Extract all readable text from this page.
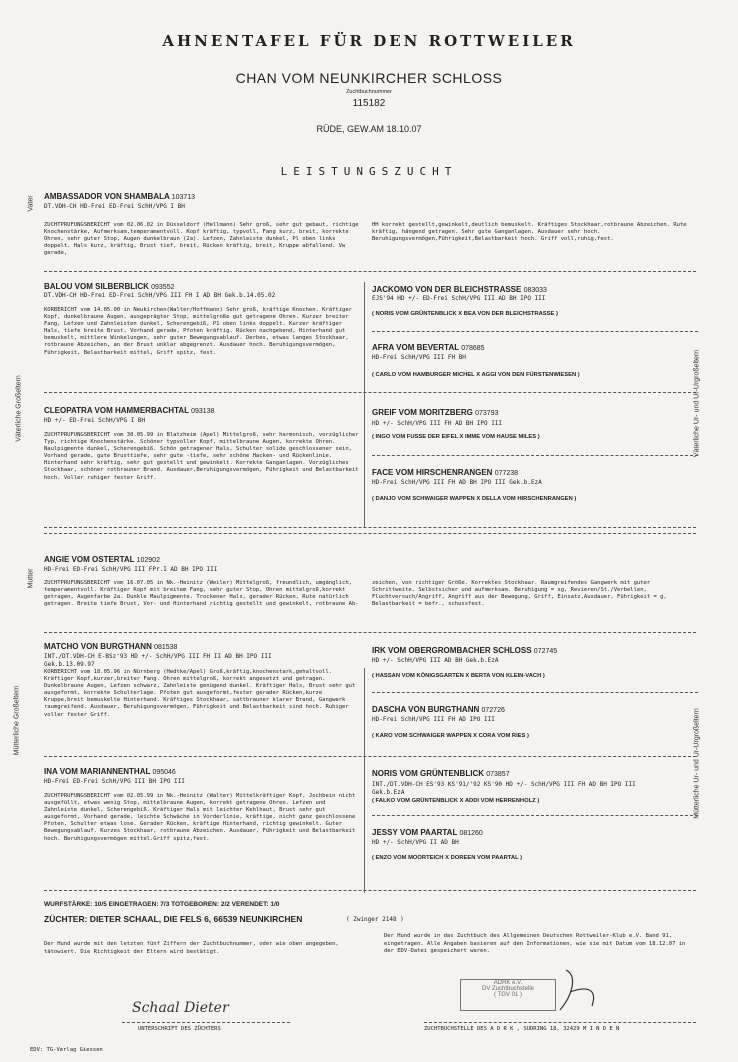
AHNENTAFEL FÜR DEN ROTTWEILER
CHAN VOM NEUNKIRCHER SCHLOSS
Zuchtbuchnummer
115182
RÜDE, GEW.AM 18.10.07
LEISTUNGSZUCHT
Vater
Väterliche Großeltern
Mutter
Mütterliche Großeltern
Väterliche Ur- und Ur-Urgroßeltern
Mütterliche Ur- und Ur-Urgroßeltern
AMBASSADOR VON SHAMBALA 103713
DT.VDH-CH HD-Frei ED-Frei SchH/VPG I BH
ZUCHTPRÜFUNGSBERICHT vom 02.06.02 in Düsseldorf (Hellmann) Sehr groß, sehr gut gebaut, richtige Knochenstärke, Aufmerksam,temperamentvoll. Kopf kräftig, typvoll, Fang kurz, breit, korrekte Ohren, sehr guter Stop, Augen dunkelbraun (2a). Lefzen, Zahnleiste dunkel, Pl oben links doppelt. Hals kurz, kräftig, Brust tief, breit, Rücken kräftig, breit, Kruppe abfallend. Vw gerade,
HH korrekt gestellt,gewinkelt,deutlich bemuskelt. Kräftiges Stockhaar,rotbraune Abzeichen. Rute kräftig, hängend getragen. Sehr gute Ganganlagen. Ausdauer sehr hoch. Beruhigungsvermögen,Führigkeit,Belastbarkeit hoch. Griff voll,ruhig,fest.
BALOU VOM SILBERBLICK 093552
DT.VDH-CH HD-Frei ED-Frei SchH/VPG III FH I AD BH Gek.b.14.05.02
KÖRBERICHT vom 14.05.00 in Neukirchen(Walter/Hoffmann) Sehr groß, kräftige Knochen. Kräftiger Kopf, dunkelbraune Augen, ausgeprägter Stop, mittelgroße gut getragene Ohren. Kurzer breiter Fang, Lefzen und Zahnleisten dunkel, Scherengebiß, P1 oben links doppelt. Kurzer kräftiger Hals, tiefe breite Brust, Vorhand gerade, Pfoten kräftig. Rücken nachgebend, Hinterhand gut bemuskelt, mittlere Winkelungen, sehr guter Bewegungsablauf. Derbes, etwas langes Stockhaar, rotbraune Abzeichen, an der Brust unklar abgegrenzt. Ausdauer hoch. Beruhigungsvermögen, Führigkeit, Belastbarkeit mittel, Griff spitz, fest.
JACKOMO VON DER BLEICHSTRASSE 083033
EJS'94 HD +/- ED-Frei SchH/VPG III AD BH IPO III
( NORIS VOM GRÜNTENBLICK X BEA VON DER BLEICHSTRASSE )
AFRA VOM BEVERTAL 078685
HD-Frei SchH/VPG III FH BH
( CARLO VOM HAMBURGER MICHEL X AGGI VON DEN FÜRSTENWIESEN )
CLEOPATRA VOM HAMMERBACHTAL 093138
HD +/- ED-Frei SchH/VPG I BH
ZUCHTPRÜFUNGSBERICHT vom 30.05.99 in Blatzheim (Apel) Mittelgroß, sehr harmonisch, vorzüglicher Typ, richtige Knochenstärke. Schöner typvoller Kopf, mittelbraune Augen, korrekte Ohren. Naulpigmente dunkel, Scherengebiß. Schön getragener Hals, Schulter solide geschlossener sein, Vorhand gerade, gute Brusttiefe, sehr gute -tiefe, sehr schöne Hacken- und Rückenlinie. Hinterhand sehr kräftig, sehr gut gestellt und gewinkelt. Korrekte Ganganlagen. Vorzügliches Stockhaar, schöner rotbrauner Brand. Ausdauer,Beruhigungsvermögen, Führigkeit und Belastbarkeit hoch. Voller ruhiger fester Griff.
GREIF VOM MORITZBERG 073793
HD +/- SchH/VPG III FH AD BH IPO III
( INGO VOM FUSSE DER EIFEL X IMME VOM HAUSE MILES )
FACE VOM HIRSCHENRANGEN 077238
HD-Frei SchH/VPG III FH AD BH IPO III Gek.b.EzA
( DANJO VOM SCHWAIGER WAPPEN X DELLA VOM HIRSCHENRANGEN )
ANGIE VOM OSTERTAL 102902
HD-Frei ED-Frei SchH/VPG III FPr.I AD BH IPO III
ZUCHTPRÜFUNGSBERICHT vom 16.07.05 in Nk.-Heinitz (Weiler) Mittelgroß, freundlich, umgänglich, temperamentvoll. Kräftiger Kopf mit breitem Fang, sehr guter Stop, Ohren mittelgroß,korrekt getragen, Augenfarbe 2a. Dunkle Maulpigmente. Trockener Hals, gerader Rücken, Rute natürlich getragen. Breite tiefe Brust, Vor- und Hinterhand richtig gestellt und gewinkelt, rotbraune Ab-
zeichen, von richtiger Größe. Korrektes Stockhaar. Raumgreifendes Gangwerk mit guter Schrittweite. Selbstsicher und aufmerksam. Beruhigung = sg, Revieren/St./Verbellen, Fluchtversuch/Angriff, Angriff aus der Bewegung, Griff, Einsatz,Ausdauer, Führigkeit = g, Belastbarkeit = befr., schussfest.
MATCHO VON BURGTHANN 081538
INT./DT.VDH-CH E-BSz'93 HD +/- SchH/VPG III FH II AD BH IPO III
Gek.b.13.09.97
KÖRBERICHT vom 18.05.96 in Nürnberg (Hedtke/Apel) Groß,kräftig,knochenstark,gehaltvoll. Kräftiger Kopf,kurzer,breiter Fang. Ohren mittelgroß, korrekt angesetzt und getragen. Dunkelbraune Augen, Lefzen schwarz, Zahnleiste genügend dunkel. Kräftiger Hals, Brust sehr gut ausgeformt, korrekte Schulterlage. Pfoten gut ausgeformt,fester gerader Rücken,kurze Kruppe,breit bemuskelte Hinterhand. Kräftiges Stockhaar, sattbrauner klarer Brand, Gangwerk raumgreifend. Ausdauer, Beruhigungsvermögen, Führigkeit und Belastbarkeit sind hoch. Ruhiger voller fester Griff.
IRK VOM OBERGROMBACHER SCHLOSS 072745
HD +/- SchH/VPG III AD BH Gek.b.EzA
( HASSAN VOM KÖNIGSGARTEN X BERTA VON KLEIN-VACH )
DASCHA VON BURGTHANN 072726
HD-Frei SchH/VPG III FH AD IPO III
( KARO VOM SCHWAIGER WAPPEN X CORA VOM RIES )
INA VOM MARIANNENTHAL 095046
HD-Frei ED-Frei SchH/VPG III BH IPO III
ZUCHTPRÜFUNGSBERICHT vom 02.05.99 in Nk.-Heinitz (Walter) Mittelkräftiger Kopf, Jochbein nicht ausgefüllt, etwas wenig Stop, mittelbraune Augen, korrekt getragene Ohren. Lefzen und Zahnleiste dunkel, Scherengebiß. Kräftiger Hals mit leichter Kehlhaut, Brust sehr gut ausgeformt, Vorhand gerade, leichte Schwäche in Vorderlinie, kräftige, nicht ganz geschlossene Pfoten, Schulter etwas lose. Gerader Rücken, kräftige Hinterhand, richtig gewinkelt. Guter Bewegungsablauf. Kurzes Stockhaar, rotbraune Abzeichen. Ausdauer, Führigkeit und Belastbarkeit hoch. Beruhigungsvermögen mittel.Griff spitz,fest.
NORIS VOM GRÜNTENBLICK 073857
INT./DT.VDH-CH ES'93 KS'91/'92 KS'90 HD +/- SchH/VPG III FH AD BH IPO III
Gek.b.EzA
( FALKO VOM GRÜNTENBLICK X ADDI VOM HERRENHOLZ )
JESSY VOM PAARTAL 081260
HD +/- SchH/VPG II AD BH
( ENZO VOM MOORTEICH X DOREEN VOM PAARTAL )
WURFSTÄRKE: 10/5 EINGETRAGEN: 7/3 TOTGEBOREN: 2/2 VERENDET: 1/0
ZÜCHTER: DIETER SCHAAL, DIE FELS 6, 66539 NEUNKIRCHEN	( Zwinger 2148 )
Der Hund wurde mit den letzten fünf Ziffern der Zuchtbuchnummer, oder wie oben angegeben, tätowiert. Die Richtigkeit der Eltern wird bestätigt.
Der Hund wurde in das Zuchtbuch des Allgemeinen Deutschen Rottweiler-Klub e.V. Band 91, eingetragen. Alle Angaben basieren auf den Informationen, wie sie mit Datum vom 18.12.07 in der EDV-Datei gespeichert waren.
ADRK e.V.
DV Zuchtbuchstelle
( TGV 01 )
Schaal Dieter
UNTERSCHRIFT DES ZÜCHTERS	ZUCHTBUCHSTELLE DES A D R K , SUDRING 18, 32429 M I N D E N
EDV: TG-Verlag Giessen
